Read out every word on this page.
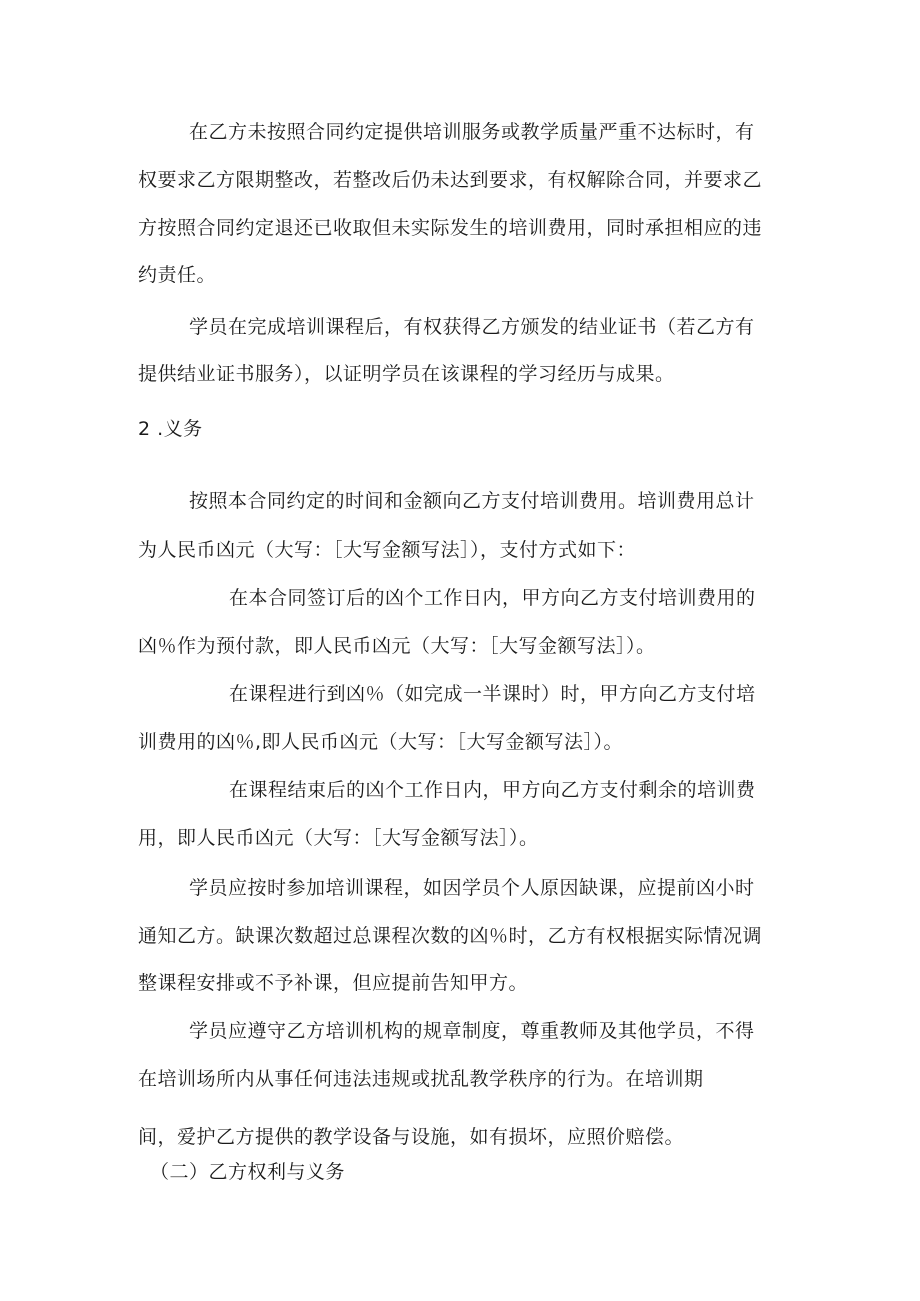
在乙方未按照合同约定提供培训服务或教学质量严重不达标时，有
权要求乙方限期整改，若整改后仍未达到要求，有权解除合同，并要求乙
方按照合同约定退还已收取但未实际发生的培训费用，同时承担相应的违
约责任。
学员在完成培训课程后，有权获得乙方颁发的结业证书（若乙方有
提供结业证书服务），以证明学员在该课程的学习经历与成果。
2 .义务
按照本合同约定的时间和金额向乙方支付培训费用。培训费用总计
为人民币凶元（大写：［大写金额写法］），支付方式如下：
在本合同签订后的凶个工作日内，甲方向乙方支付培训费用的
凶％作为预付款，即人民币凶元（大写：［大写金额写法］）。
在课程进行到凶％（如完成一半课时）时，甲方向乙方支付培
训费用的凶％,即人民币凶元（大写：［大写金额写法］）。
在课程结束后的凶个工作日内，甲方向乙方支付剩余的培训费
用，即人民币凶元（大写：［大写金额写法］）。
学员应按时参加培训课程，如因学员个人原因缺课，应提前凶小时
通知乙方。缺课次数超过总课程次数的凶％时，乙方有权根据实际情况调
整课程安排或不予补课，但应提前告知甲方。
学员应遵守乙方培训机构的规章制度，尊重教师及其他学员，不得
在培训场所内从事任何违法违规或扰乱教学秩序的行为。在培训期
间，爱护乙方提供的教学设备与设施，如有损坏，应照价赔偿。
（二）乙方权利与义务
